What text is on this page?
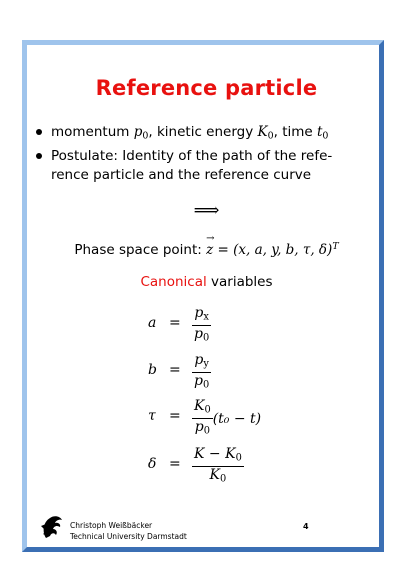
Reference particle
momentum $p_0$, kinetic energy $K_0$, time $t_0$
Postulate: Identity of the path of the refe-
rence particle and the reference curve
⟹
Phase space point:
→
z = (x, a, y, b, τ, δ)$^T$
Canonical variables
$a = \frac{p_x}{p_0}$
$b = \frac{p_y}{p_0}$
$\tau = \frac{K_0}{p_0} (t_0 - t)$
$\delta = \frac{K - K_0}{K_0}$
Christoph Weißbäcker
Technical University Darmstadt
4
